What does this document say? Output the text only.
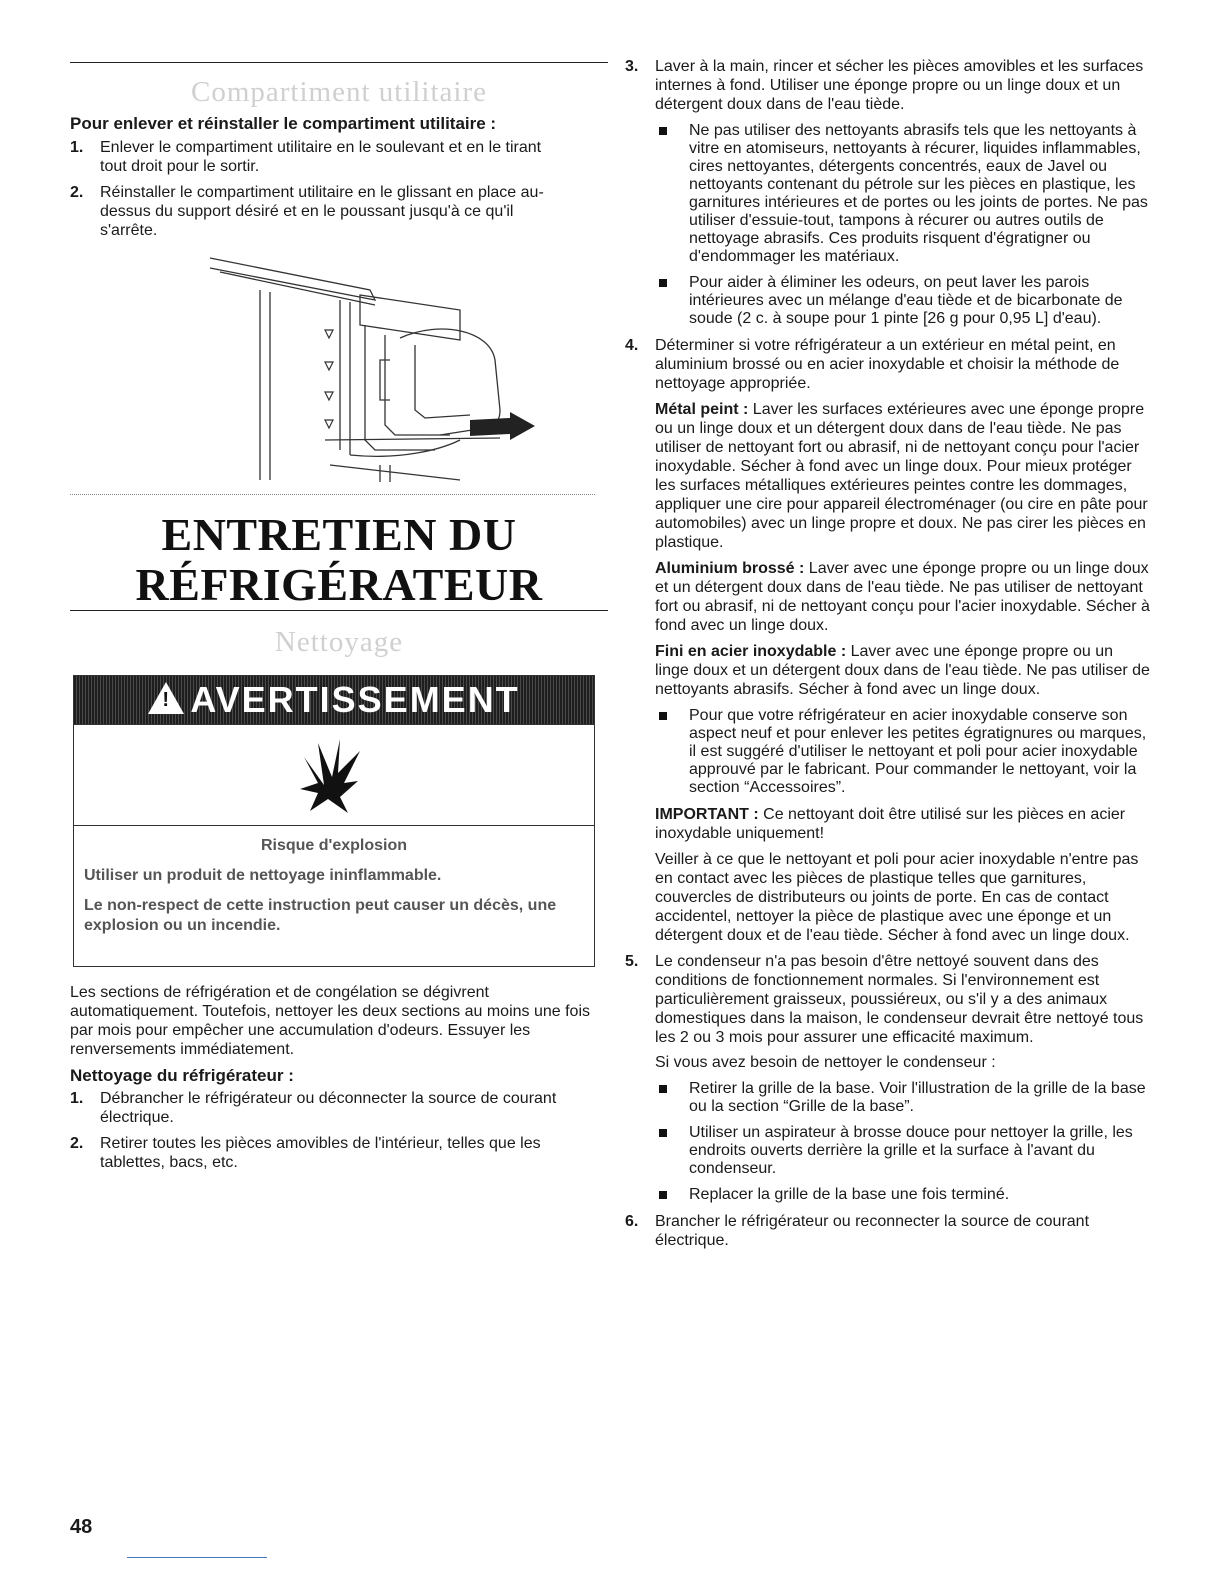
Compartiment utilitaire
Pour enlever et réinstaller le compartiment utilitaire :
1. Enlever le compartiment utilitaire en le soulevant et en le tirant tout droit pour le sortir.
2. Réinstaller le compartiment utilitaire en le glissant en place au-dessus du support désiré et en le poussant jusqu'à ce qu'il s'arrête.
ENTRETIEN DU
RÉFRIGÉRATEUR
Nettoyage
! AVERTISSEMENT
Risque d'explosion

Utiliser un produit de nettoyage ininflammable.

Le non-respect de cette instruction peut causer un décès, une explosion ou un incendie.

Les sections de réfrigération et de congélation se dégivrent automatiquement. Toutefois, nettoyer les deux sections au moins une fois par mois pour empêcher une accumulation d'odeurs. Essuyer les renversements immédiatement.
Nettoyage du réfrigérateur :
1. Débrancher le réfrigérateur ou déconnecter la source de courant électrique.
2. Retirer toutes les pièces amovibles de l'intérieur, telles que les tablettes, bacs, etc.
3. Laver à la main, rincer et sécher les pièces amovibles et les surfaces internes à fond. Utiliser une éponge propre ou un linge doux et un détergent doux dans de l'eau tiède.
Ne pas utiliser des nettoyants abrasifs tels que les nettoyants à vitre en atomiseurs, nettoyants à récurer, liquides inflammables, cires nettoyantes, détergents concentrés, eaux de Javel ou nettoyants contenant du pétrole sur les pièces en plastique, les garnitures intérieures et de portes ou les joints de portes. Ne pas utiliser d'essuie-tout, tampons à récurer ou autres outils de nettoyage abrasifs. Ces produits risquent d'égratigner ou d'endommager les matériaux.
Pour aider à éliminer les odeurs, on peut laver les parois intérieures avec un mélange d'eau tiède et de bicarbonate de soude (2 c. à soupe pour 1 pinte [26 g pour 0,95 L] d'eau).
4. Déterminer si votre réfrigérateur a un extérieur en métal peint, en aluminium brossé ou en acier inoxydable et choisir la méthode de nettoyage appropriée.
Métal peint : Laver les surfaces extérieures avec une éponge propre ou un linge doux et un détergent doux dans de l'eau tiède. Ne pas utiliser de nettoyant fort ou abrasif, ni de nettoyant conçu pour l'acier inoxydable. Sécher à fond avec un linge doux. Pour mieux protéger les surfaces métalliques extérieures peintes contre les dommages, appliquer une cire pour appareil électroménager (ou cire en pâte pour automobiles) avec un linge propre et doux. Ne pas cirer les pièces en plastique.
Aluminium brossé : Laver avec une éponge propre ou un linge doux et un détergent doux dans de l'eau tiède. Ne pas utiliser de nettoyant fort ou abrasif, ni de nettoyant conçu pour l'acier inoxydable. Sécher à fond avec un linge doux.
Fini en acier inoxydable : Laver avec une éponge propre ou un linge doux et un détergent doux dans de l'eau tiède. Ne pas utiliser de nettoyants abrasifs. Sécher à fond avec un linge doux.
Pour que votre réfrigérateur en acier inoxydable conserve son aspect neuf et pour enlever les petites égratignures ou marques, il est suggéré d'utiliser le nettoyant et poli pour acier inoxydable approuvé par le fabricant. Pour commander le nettoyant, voir la section “Accessoires”.
IMPORTANT : Ce nettoyant doit être utilisé sur les pièces en acier inoxydable uniquement!
Veiller à ce que le nettoyant et poli pour acier inoxydable n'entre pas en contact avec les pièces de plastique telles que garnitures, couvercles de distributeurs ou joints de porte. En cas de contact accidentel, nettoyer la pièce de plastique avec une éponge et un détergent doux et de l'eau tiède. Sécher à fond avec un linge doux.
5. Le condenseur n'a pas besoin d'être nettoyé souvent dans des conditions de fonctionnement normales. Si l'environnement est particulièrement graisseux, poussiéreux, ou s'il y a des animaux domestiques dans la maison, le condenseur devrait être nettoyé tous les 2 ou 3 mois pour assurer une efficacité maximum.
Si vous avez besoin de nettoyer le condenseur :
Retirer la grille de la base. Voir l'illustration de la grille de la base ou la section “Grille de la base”.
Utiliser un aspirateur à brosse douce pour nettoyer la grille, les endroits ouverts derrière la grille et la surface à l'avant du condenseur.
Replacer la grille de la base une fois terminé.
6. Brancher le réfrigérateur ou reconnecter la source de courant électrique.
48
